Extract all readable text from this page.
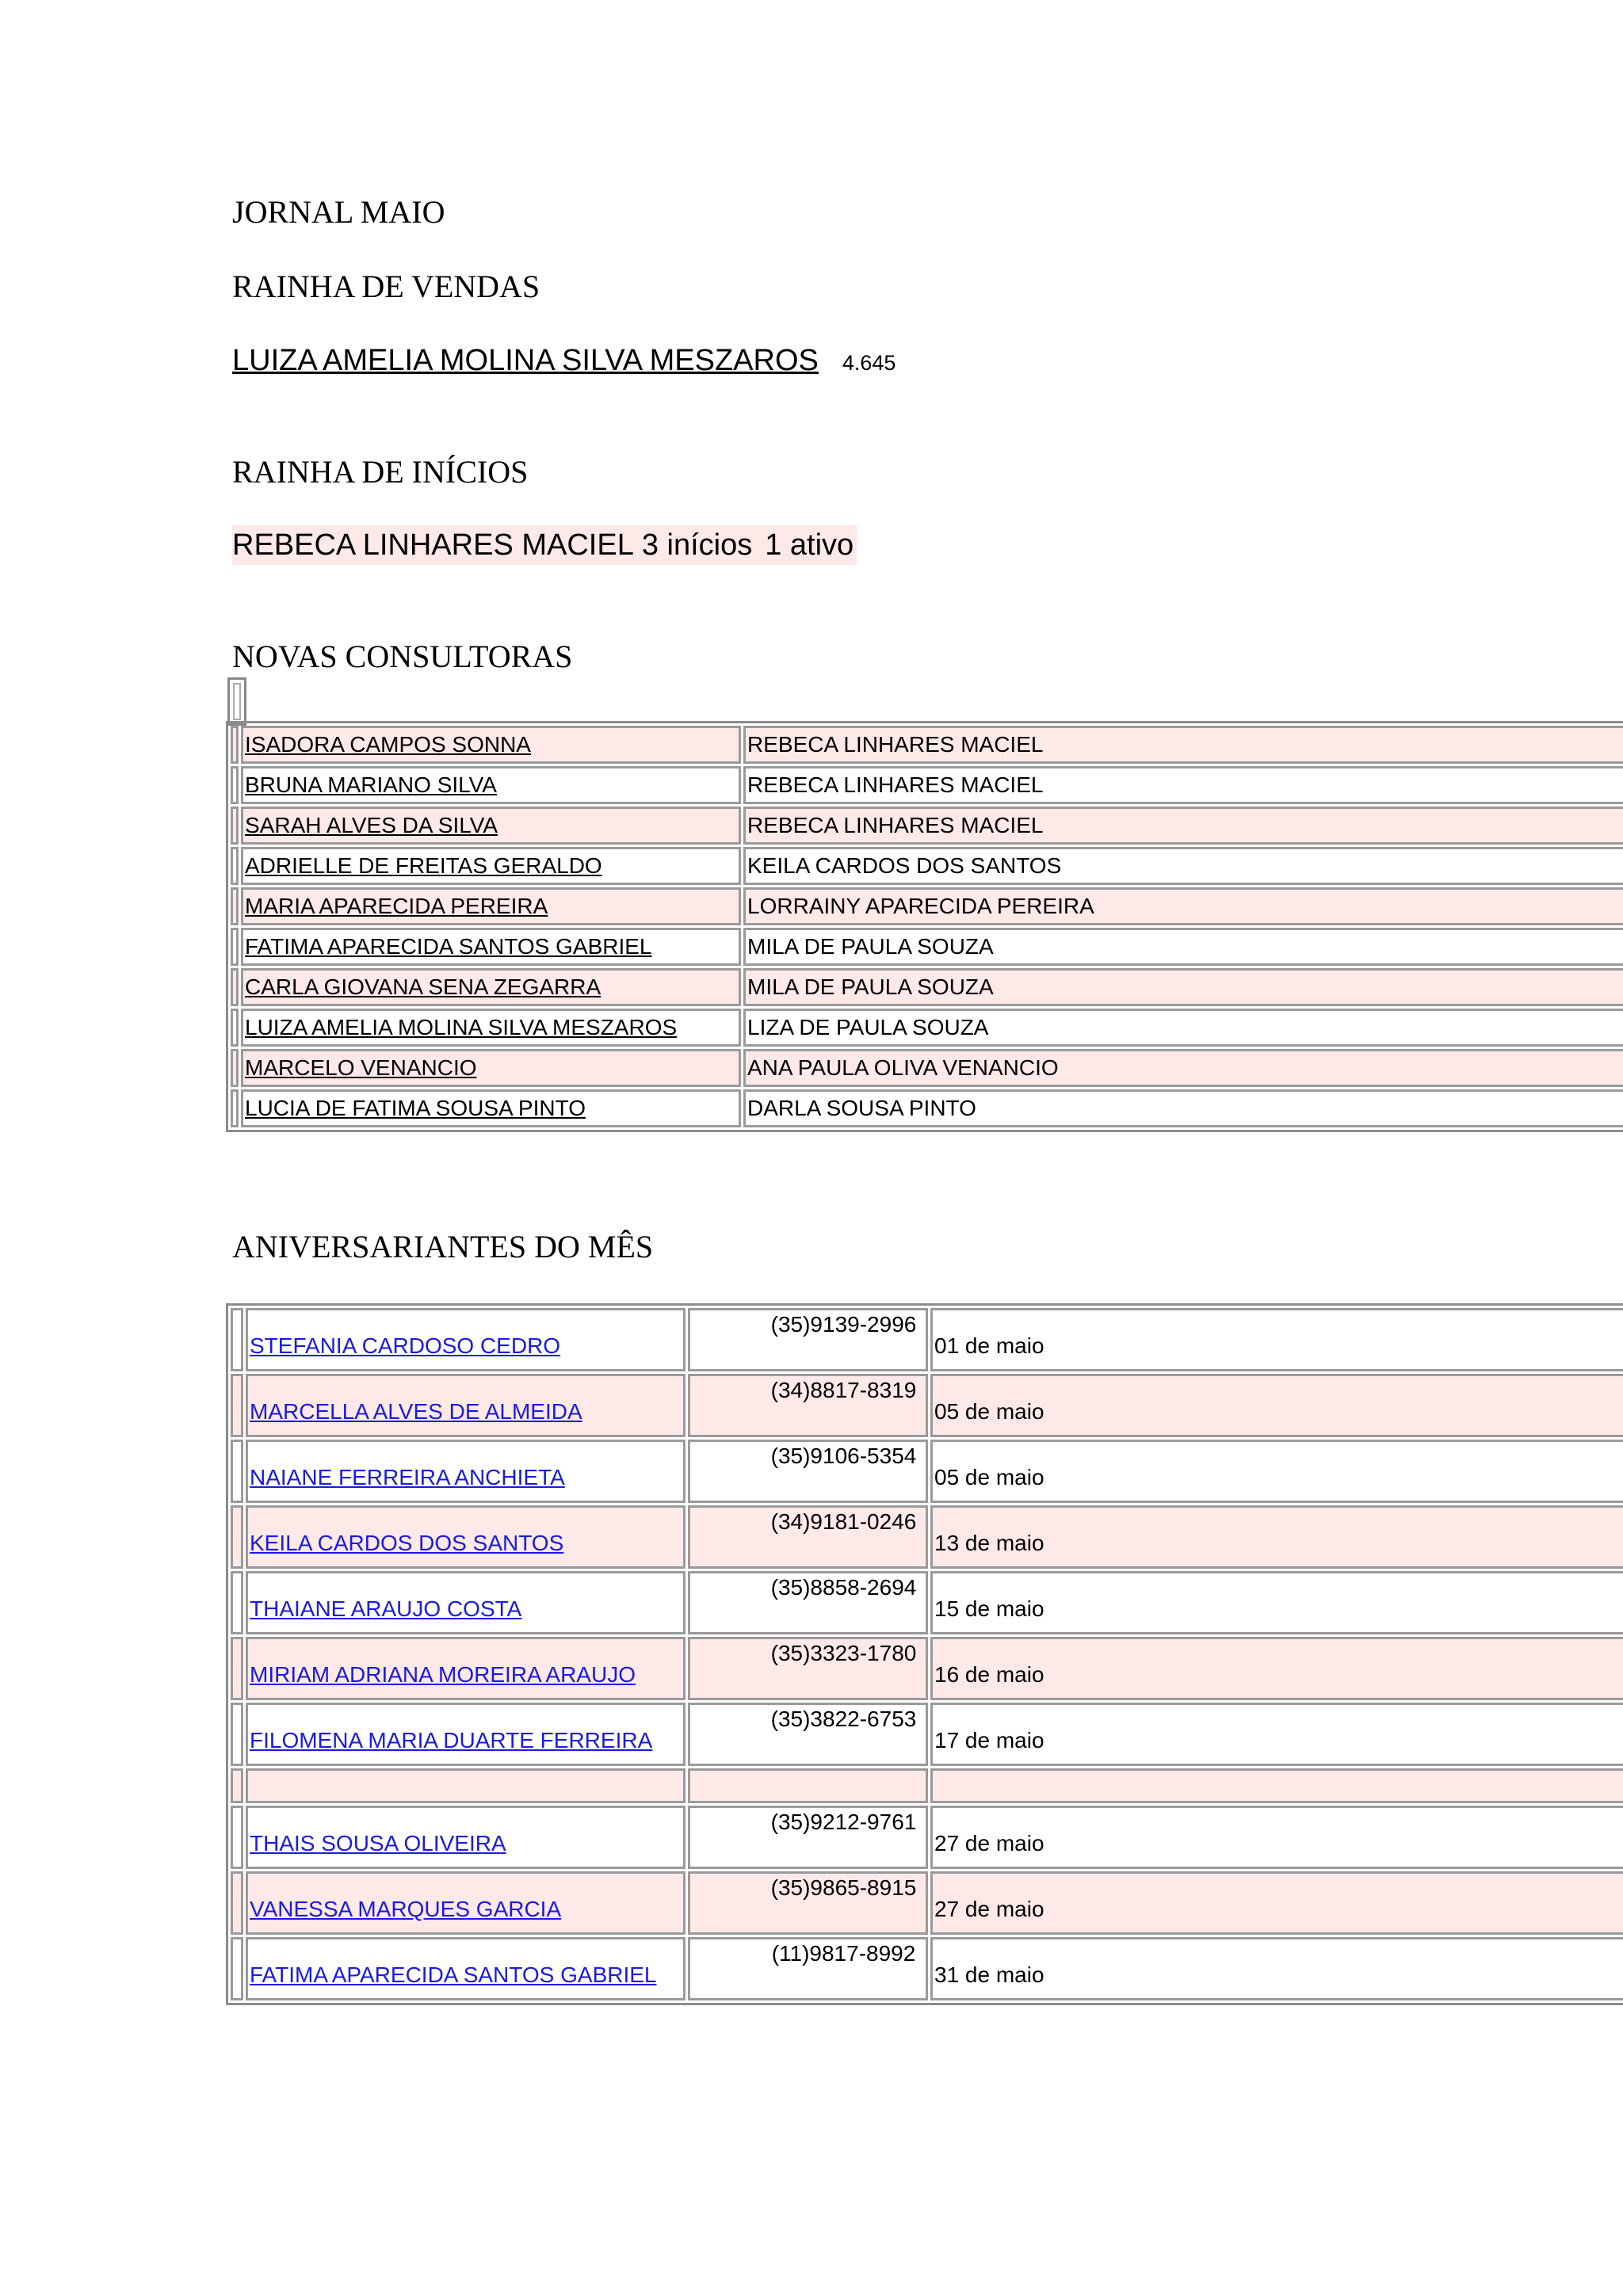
JORNAL MAIO
RAINHA DE VENDAS
LUIZA AMELIA MOLINA SILVA MESZAROS 4.645
RAINHA DE INÍCIOS
REBECA LINHARES MACIEL 3 inícios 1 ativo
NOVAS CONSULTORAS
	ISADORA CAMPOS SONNA	REBECA LINHARES MACIEL
	BRUNA MARIANO SILVA	REBECA LINHARES MACIEL
	SARAH ALVES DA SILVA	REBECA LINHARES MACIEL
	ADRIELLE DE FREITAS GERALDO	KEILA CARDOS DOS SANTOS
	MARIA APARECIDA PEREIRA	LORRAINY APARECIDA PEREIRA
	FATIMA APARECIDA SANTOS GABRIEL	MILA DE PAULA SOUZA
	CARLA GIOVANA SENA ZEGARRA	MILA DE PAULA SOUZA
	LUIZA AMELIA MOLINA SILVA MESZAROS	LIZA DE PAULA SOUZA
	MARCELO VENANCIO	ANA PAULA OLIVA VENANCIO
	LUCIA DE FATIMA SOUSA PINTO	DARLA SOUSA PINTO
ANIVERSARIANTES DO MÊS
	STEFANIA CARDOSO CEDRO	(35)9139-2996	01 de maio
	MARCELLA ALVES DE ALMEIDA	(34)8817-8319	05 de maio
	NAIANE FERREIRA ANCHIETA	(35)9106-5354	05 de maio
	KEILA CARDOS DOS SANTOS	(34)9181-0246	13 de maio
	THAIANE ARAUJO COSTA	(35)8858-2694	15 de maio
	MIRIAM ADRIANA MOREIRA ARAUJO	(35)3323-1780	16 de maio
	FILOMENA MARIA DUARTE FERREIRA	(35)3822-6753	17 de maio

	THAIS SOUSA OLIVEIRA	(35)9212-9761	27 de maio
	VANESSA MARQUES GARCIA	(35)9865-8915	27 de maio
	FATIMA APARECIDA SANTOS GABRIEL	(11)9817-8992	31 de maio
